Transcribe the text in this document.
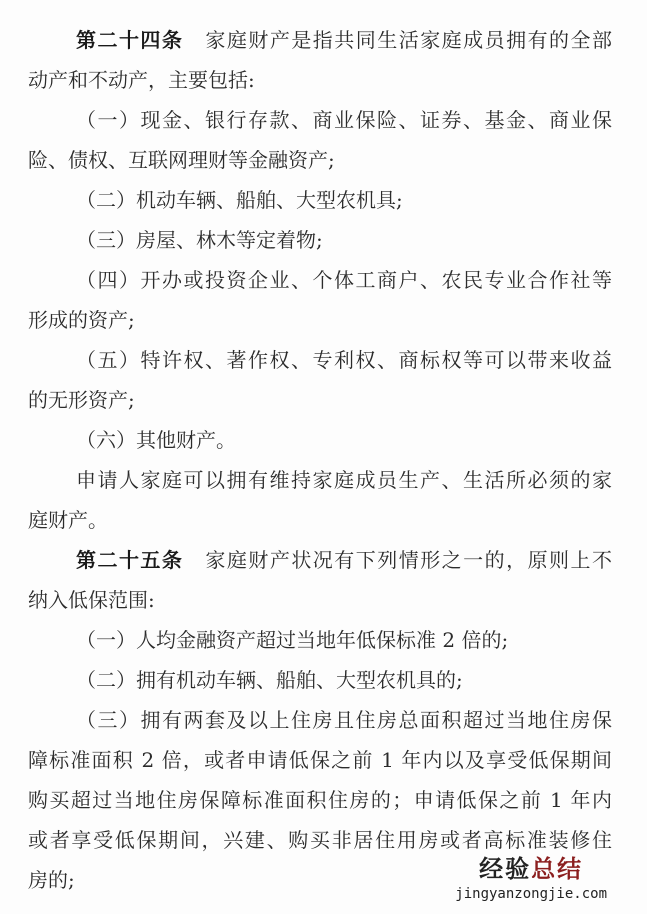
第二十四条 家庭财产是指共同生活家庭成员拥有的全部
动产和不动产，主要包括:
（一）现金、银行存款、商业保险、证券、基金、商业保
险、债权、互联网理财等金融资产;
（二）机动车辆、船舶、大型农机具;
（三）房屋、林木等定着物;
（四）开办或投资企业、个体工商户、农民专业合作社等
形成的资产;
（五）特许权、著作权、专利权、商标权等可以带来收益
的无形资产;
（六）其他财产。
申请人家庭可以拥有维持家庭成员生产、生活所必须的家
庭财产。
第二十五条 家庭财产状况有下列情形之一的，原则上不
纳入低保范围:
（一）人均金融资产超过当地年低保标准 2 倍的;
（二）拥有机动车辆、船舶、大型农机具的;
（三）拥有两套及以上住房且住房总面积超过当地住房保
障标准面积 2 倍，或者申请低保之前 1 年内以及享受低保期间
购买超过当地住房保障标准面积住房的；申请低保之前 1 年内
或者享受低保期间，兴建、购买非居住用房或者高标准装修住
房的;	经验总结
jingyanzongjie.com
